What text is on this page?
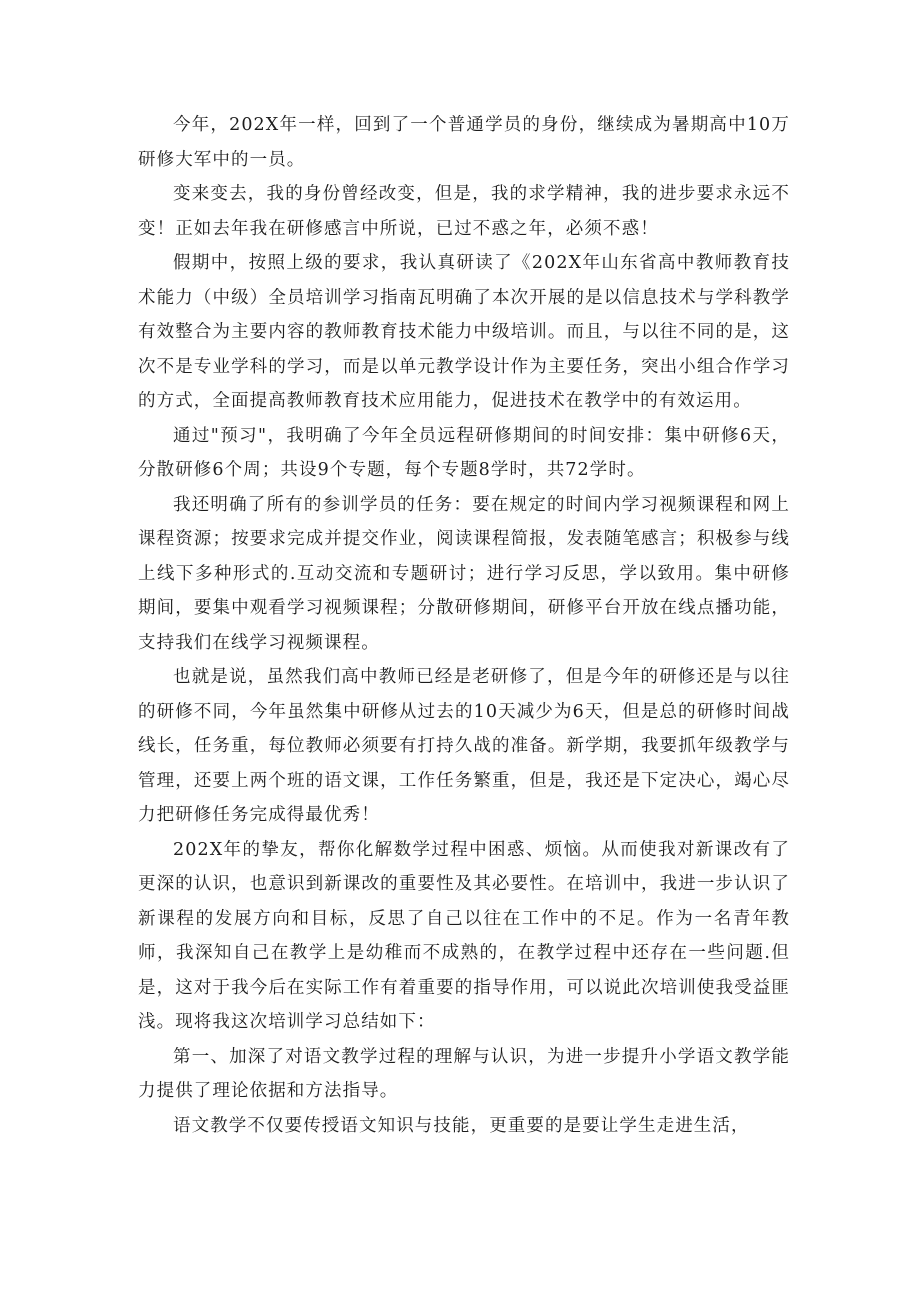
今年，202X年一样，回到了一个普通学员的身份，继续成为暑期高中10万研修大军中的一员。

变来变去，我的身份曾经改变，但是，我的求学精神，我的进步要求永远不变！正如去年我在研修感言中所说，已过不惑之年，必须不惑！

假期中，按照上级的要求，我认真研读了《202X年山东省高中教师教育技术能力（中级）全员培训学习指南瓦明确了本次开展的是以信息技术与学科教学有效整合为主要内容的教师教育技术能力中级培训。而且，与以往不同的是，这次不是专业学科的学习，而是以单元教学设计作为主要任务，突出小组合作学习的方式，全面提高教师教育技术应用能力，促进技术在教学中的有效运用。

通过"预习"，我明确了今年全员远程研修期间的时间安排：集中研修6天，分散研修6个周；共设9个专题，每个专题8学时，共72学时。

我还明确了所有的参训学员的任务：要在规定的时间内学习视频课程和网上课程资源；按要求完成并提交作业，阅读课程简报，发表随笔感言；积极参与线上线下多种形式的.互动交流和专题研讨；进行学习反思，学以致用。集中研修期间，要集中观看学习视频课程；分散研修期间，研修平台开放在线点播功能，支持我们在线学习视频课程。

也就是说，虽然我们高中教师已经是老研修了，但是今年的研修还是与以往的研修不同，今年虽然集中研修从过去的10天减少为6天，但是总的研修时间战线长，任务重，每位教师必须要有打持久战的准备。新学期，我要抓年级教学与管理，还要上两个班的语文课，工作任务繁重，但是，我还是下定决心，竭心尽力把研修任务完成得最优秀！

202X年的挚友，帮你化解数学过程中困惑、烦恼。从而使我对新课改有了更深的认识，也意识到新课改的重要性及其必要性。在培训中，我进一步认识了新课程的发展方向和目标，反思了自己以往在工作中的不足。作为一名青年教师，我深知自己在教学上是幼稚而不成熟的，在教学过程中还存在一些问题.但是，这对于我今后在实际工作有着重要的指导作用，可以说此次培训使我受益匪浅。现将我这次培训学习总结如下：

第一、加深了对语文教学过程的理解与认识，为进一步提升小学语文教学能力提供了理论依据和方法指导。

语文教学不仅要传授语文知识与技能，更重要的是要让学生走进生活，
